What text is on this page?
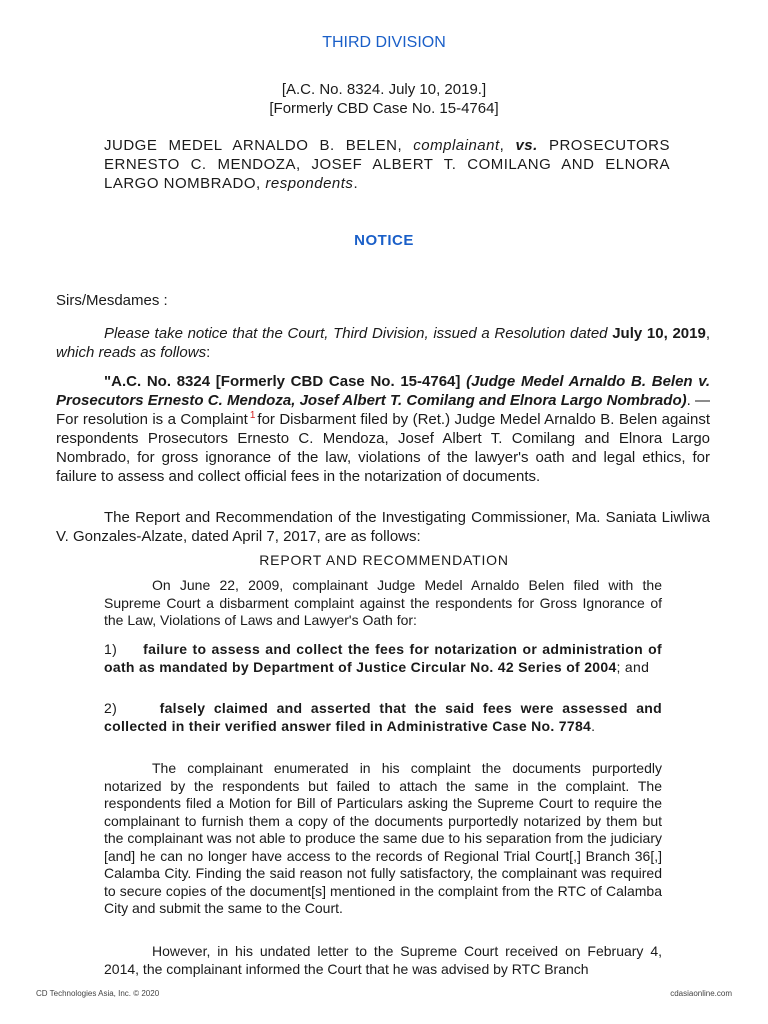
THIRD DIVISION
[A.C. No. 8324. July 10, 2019.]
[Formerly CBD Case No. 15-4764]
JUDGE MEDEL ARNALDO B. BELEN, complainant, vs. PROSECUTORS ERNESTO C. MENDOZA, JOSEF ALBERT T. COMILANG AND ELNORA LARGO NOMBRADO, respondents.
NOTICE
Sirs/Mesdames :
Please take notice that the Court, Third Division, issued a Resolution dated July 10, 2019, which reads as follows:
"A.C. No. 8324 [Formerly CBD Case No. 15-4764] (Judge Medel Arnaldo B. Belen v. Prosecutors Ernesto C. Mendoza, Josef Albert T. Comilang and Elnora Largo Nombrado). — For resolution is a Complaint $^1$ for Disbarment filed by (Ret.) Judge Medel Arnaldo B. Belen against respondents Prosecutors Ernesto C. Mendoza, Josef Albert T. Comilang and Elnora Largo Nombrado, for gross ignorance of the law, violations of the lawyer's oath and legal ethics, for failure to assess and collect official fees in the notarization of documents.
The Report and Recommendation of the Investigating Commissioner, Ma. Saniata Liwliwa V. Gonzales-Alzate, dated April 7, 2017, are as follows:
REPORT AND RECOMMENDATION
On June 22, 2009, complainant Judge Medel Arnaldo Belen filed with the Supreme Court a disbarment complaint against the respondents for Gross Ignorance of the Law, Violations of Laws and Lawyer's Oath for:
1) failure to assess and collect the fees for notarization or administration of oath as mandated by Department of Justice Circular No. 42 Series of 2004; and
2)	falsely claimed and asserted that the said fees were assessed and collected in their verified answer filed in Administrative Case No. 7784.
The complainant enumerated in his complaint the documents purportedly notarized by the respondents but failed to attach the same in the complaint. The respondents filed a Motion for Bill of Particulars asking the Supreme Court to require the complainant to furnish them a copy of the documents purportedly notarized by them but the complainant was not able to produce the same due to his separation from the judiciary [and] he can no longer have access to the records of Regional Trial Court[,] Branch 36[,] Calamba City. Finding the said reason not fully satisfactory, the complainant was required to secure copies of the document[s] mentioned in the complaint from the RTC of Calamba City and submit the same to the Court.
However, in his undated letter to the Supreme Court received on February 4, 2014, the complainant informed the Court that he was advised by RTC Branch
CD Technologies Asia, Inc. © 2020	cdasiaonline.com
